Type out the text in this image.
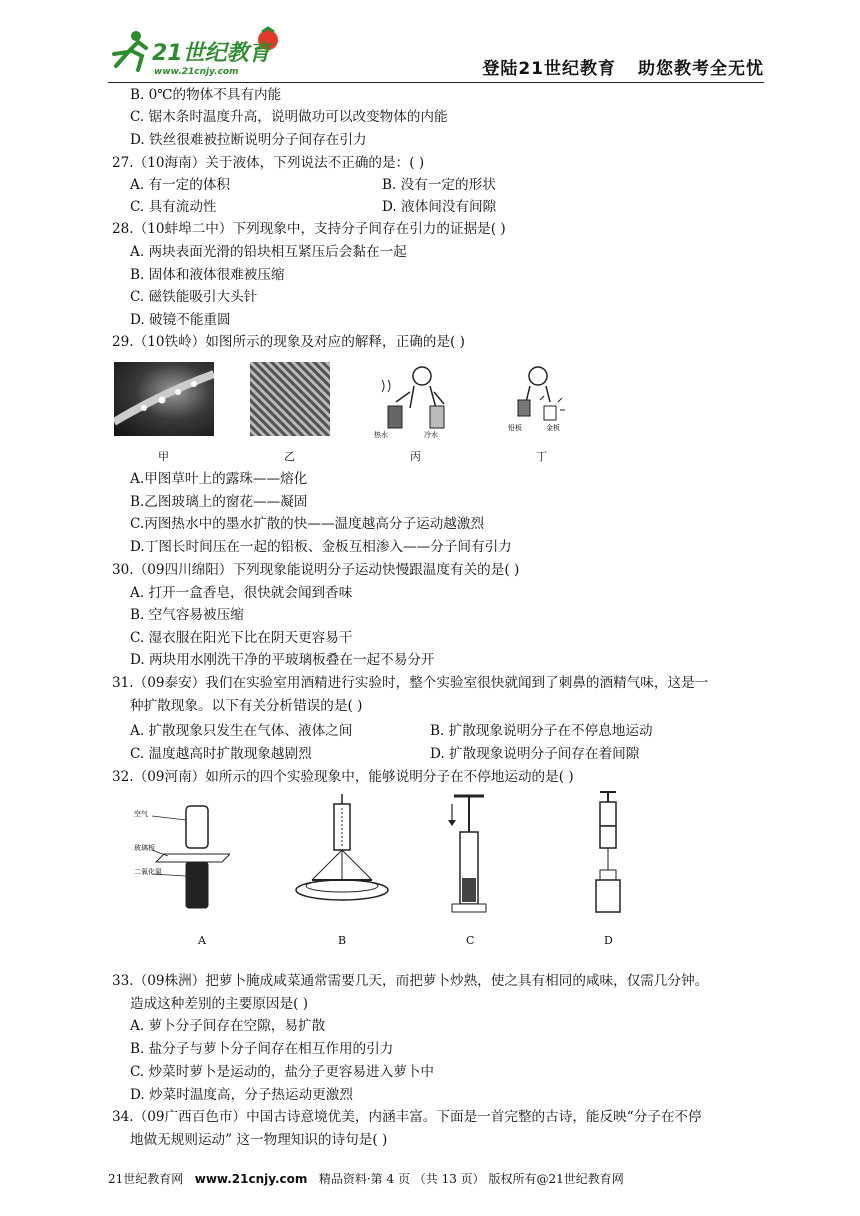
21世纪教育
www.21cnjy.com	登陆21世纪教育 助您教考全无忧
B. 0℃的物体不具有内能
C. 锯木条时温度升高，说明做功可以改变物体的内能
D. 铁丝很难被拉断说明分子间存在引力
27.（10海南）关于液体，下列说法不正确的是：( )
A. 有一定的体积	B. 没有一定的形状
C. 具有流动性	D. 液体间没有间隙
28.（10蚌埠二中）下列现象中，支持分子间存在引力的证据是( )
A. 两块表面光滑的铅块相互紧压后会黏在一起
B. 固体和液体很难被压缩
C. 磁铁能吸引大头针
D. 破镜不能重圆
29.（10铁岭）如图所示的现象及对应的解释，正确的是( )
热水	冷水
铅板	金板
甲	乙	丙	丁
A.甲图草叶上的露珠——熔化
B.乙图玻璃上的窗花——凝固
C.丙图热水中的墨水扩散的快——温度越高分子运动越激烈
D.丁图长时间压在一起的铅板、金板互相渗入——分子间有引力
30.（09四川绵阳）下列现象能说明分子运动快慢跟温度有关的是( )
A. 打开一盒香皂，很快就会闻到香味
B. 空气容易被压缩
C. 湿衣服在阳光下比在阴天更容易干
D. 两块用水刚洗干净的平玻璃板叠在一起不易分开
31.（09泰安）我们在实验室用酒精进行实验时，整个实验室很快就闻到了刺鼻的酒精气味，这是一
种扩散现象。以下有关分析错误的是( )
A. 扩散现象只发生在气体、液体之间	B. 扩散现象说明分子在不停息地运动
C. 温度越高时扩散现象越剧烈	D. 扩散现象说明分子间存在着间隙
32.（09河南）如所示的四个实验现象中，能够说明分子在不停地运动的是( )
空气
玻璃板
二氧化氮
A	B	C	D
33.（09株洲）把萝卜腌成咸菜通常需要几天，而把萝卜炒熟，使之具有相同的咸味，仅需几分钟。
造成这种差别的主要原因是( )
A. 萝卜分子间存在空隙，易扩散
B. 盐分子与萝卜分子间存在相互作用的引力
C. 炒菜时萝卜是运动的，盐分子更容易进入萝卜中
D. 炒菜时温度高，分子热运动更激烈
34.（09广西百色市）中国古诗意境优美，内涵丰富。下面是一首完整的古诗，能反映“分子在不停
地做无规则运动” 这一物理知识的诗句是( )
21世纪教育网 www.21cnjy.com 精品资料·第 4 页 （共 13 页） 版权所有@21世纪教育网
